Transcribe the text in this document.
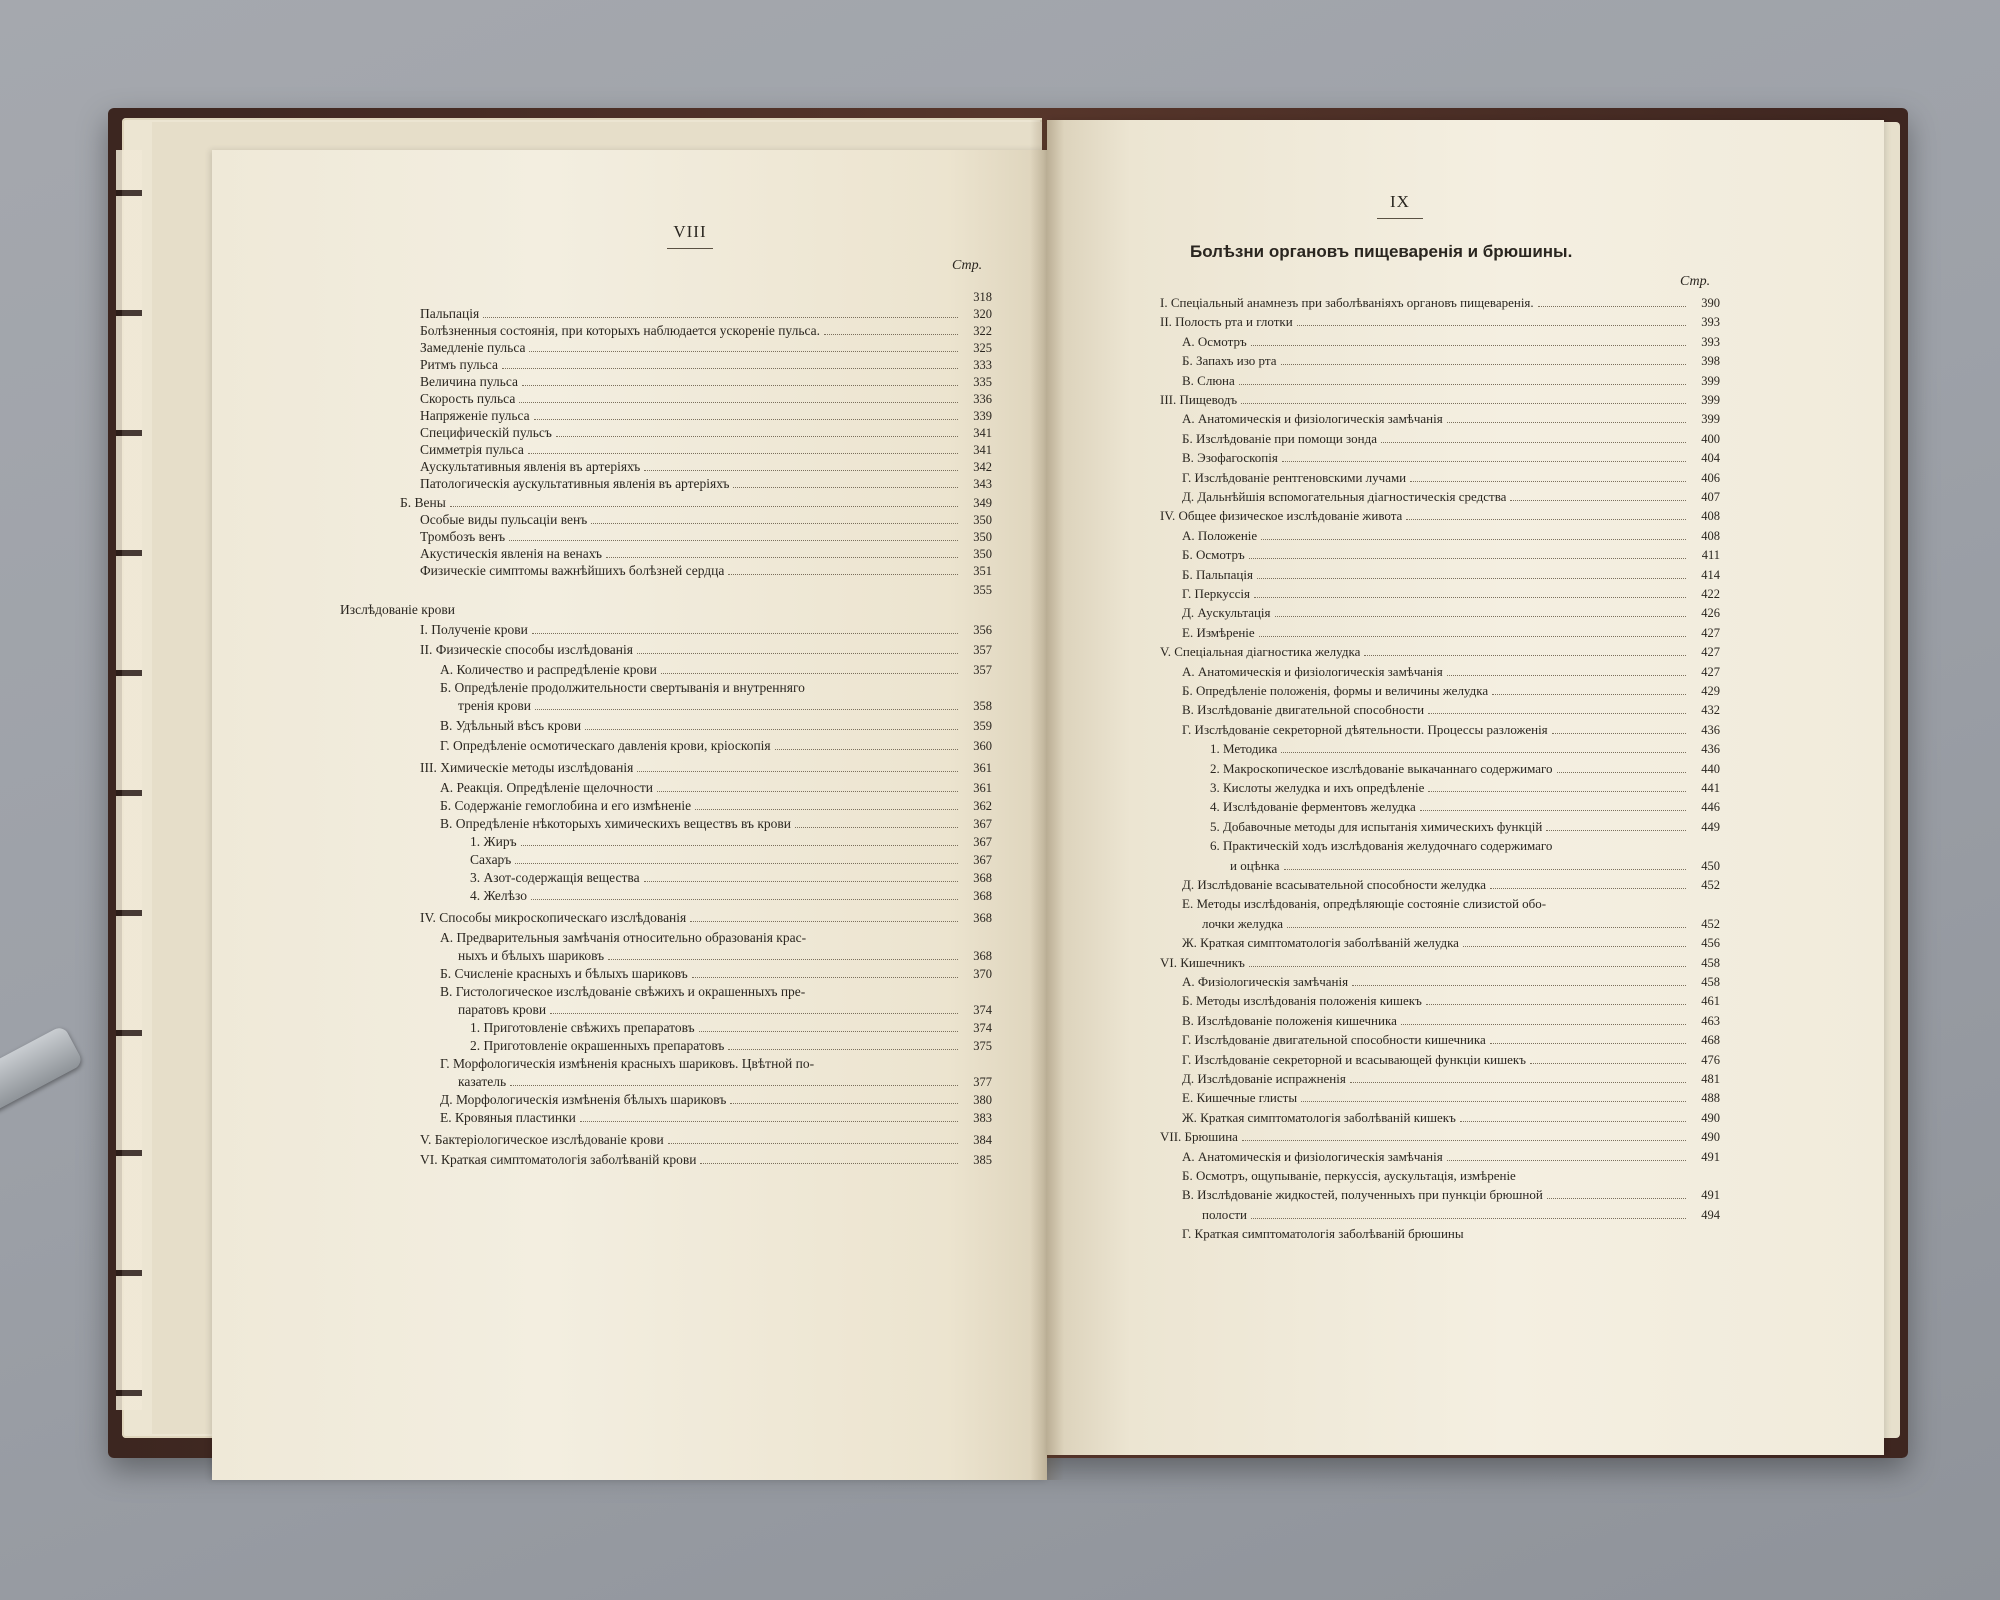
VIII
Стр.
318
Пальпація	320
Болѣзненныя состоянія, при которыхъ наблюдается ускореніе пульса.	322
Замедленіе пульса	325
Ритмъ пульса	333
Величина пульса	335
Скорость пульса	336
Напряженіе пульса	339
Специфическій пульсъ	341
Симметрія пульса	341
Аускультативныя явленія въ артеріяхъ	342
Патологическія аускультативныя явленія въ артеріяхъ	343
Б. Вены	349
Особые виды пульсаціи венъ	350
Тромбозъ венъ	350
Акустическія явленія на венахъ	350
Физическіе симптомы важнѣйшихъ болѣзней сердца	351
355
Изслѣдованіе крови
I. Полученіе крови	356
II. Физическіе способы изслѣдованія	357
А. Количество и распредѣленіе крови	357
Б. Опредѣленіе продолжительности свертыванія и внутренняго
тренія крови	358
В. Удѣльный вѣсъ крови	359
Г. Опредѣленіе осмотическаго давленія крови, кріоскопія	360
III. Химическіе методы изслѣдованія	361
А. Реакція. Опредѣленіе щелочности	361
Б. Содержаніе гемоглобина и его измѣненіе	362
В. Опредѣленіе нѣкоторыхъ химическихъ веществъ въ крови	367
1. Жиръ	367
Сахаръ	367
3. Азот-содержащія вещества	368
4. Желѣзо	368
IV. Способы микроскопическаго изслѣдованія	368
А. Предварительныя замѣчанія относительно образованія крас-
ныхъ и бѣлыхъ шариковъ	368
Б. Счисленіе красныхъ и бѣлыхъ шариковъ	370
В. Гистологическое изслѣдованіе свѣжихъ и окрашенныхъ пре-
паратовъ крови	374
1. Приготовленіе свѣжихъ препаратовъ	374
2. Приготовленіе окрашенныхъ препаратовъ	375
Г. Морфологическія измѣненія красныхъ шариковъ. Цвѣтной по-
казатель	377
Д. Морфологическія измѣненія бѣлыхъ шариковъ	380
Е. Кровяныя пластинки	383
V. Бактеріологическое изслѣдованіе крови	384
VI. Краткая симптоматологія заболѣваній крови	385
IX
Болѣзни органовъ пищеваренія и брюшины.
Стр.
I. Спеціальный анамнезъ при заболѣваніяхъ органовъ пищеваренія.	390
II. Полость рта и глотки	393
А. Осмотръ	393
Б. Запахъ изо рта	398
В. Слюна	399
III. Пищеводъ	399
А. Анатомическія и физіологическія замѣчанія	399
Б. Изслѣдованіе при помощи зонда	400
В. Эзофагоскопія	404
Г. Изслѣдованіе рентгеновскими лучами	406
Д. Дальнѣйшія вспомогательныя діагностическія средства	407
IV. Общее физическое изслѣдованіе живота	408
А. Положеніе	408
Б. Осмотръ	411
Б. Пальпація	414
Г. Перкуссія	422
Д. Аускультація	426
Е. Измѣреніе	427
V. Спеціальная діагностика желудка	427
А. Анатомическія и физіологическія замѣчанія	427
Б. Опредѣленіе положенія, формы и величины желудка	429
В. Изслѣдованіе двигательной способности	432
Г. Изслѣдованіе секреторной дѣятельности. Процессы разложенія	436
1. Методика	436
2. Макроскопическое изслѣдованіе выкачаннаго содержимаго	440
3. Кислоты желудка и ихъ опредѣленіе	441
4. Изслѣдованіе ферментовъ желудка	446
5. Добавочные методы для испытанія химическихъ функцій	449
6. Практическій ходъ изслѣдованія желудочнаго содержимаго
и оцѣнка	450
Д. Изслѣдованіе всасывательной способности желудка	452
Е. Методы изслѣдованія, опредѣляющіе состояніе слизистой обо-
лочки желудка	452
Ж. Краткая симптоматологія заболѣваній желудка	456
VI. Кишечникъ	458
А. Физіологическія замѣчанія	458
Б. Методы изслѣдованія положенія кишекъ	461
В. Изслѣдованіе положенія кишечника	463
Г. Изслѣдованіе двигательной способности кишечника	468
Г. Изслѣдованіе секреторной и всасывающей функціи кишекъ	476
Д. Изслѣдованіе испражненія	481
Е. Кишечные глисты	488
Ж. Краткая симптоматологія заболѣваній кишекъ	490
VII. Брюшина	490
А. Анатомическія и физіологическія замѣчанія	491
Б. Осмотръ, ощупываніе, перкуссія, аускультація, измѣреніе
В. Изслѣдованіе жидкостей, полученныхъ при пункціи брюшной	491
полости	494
Г. Краткая симптоматологія заболѣваній брюшины
